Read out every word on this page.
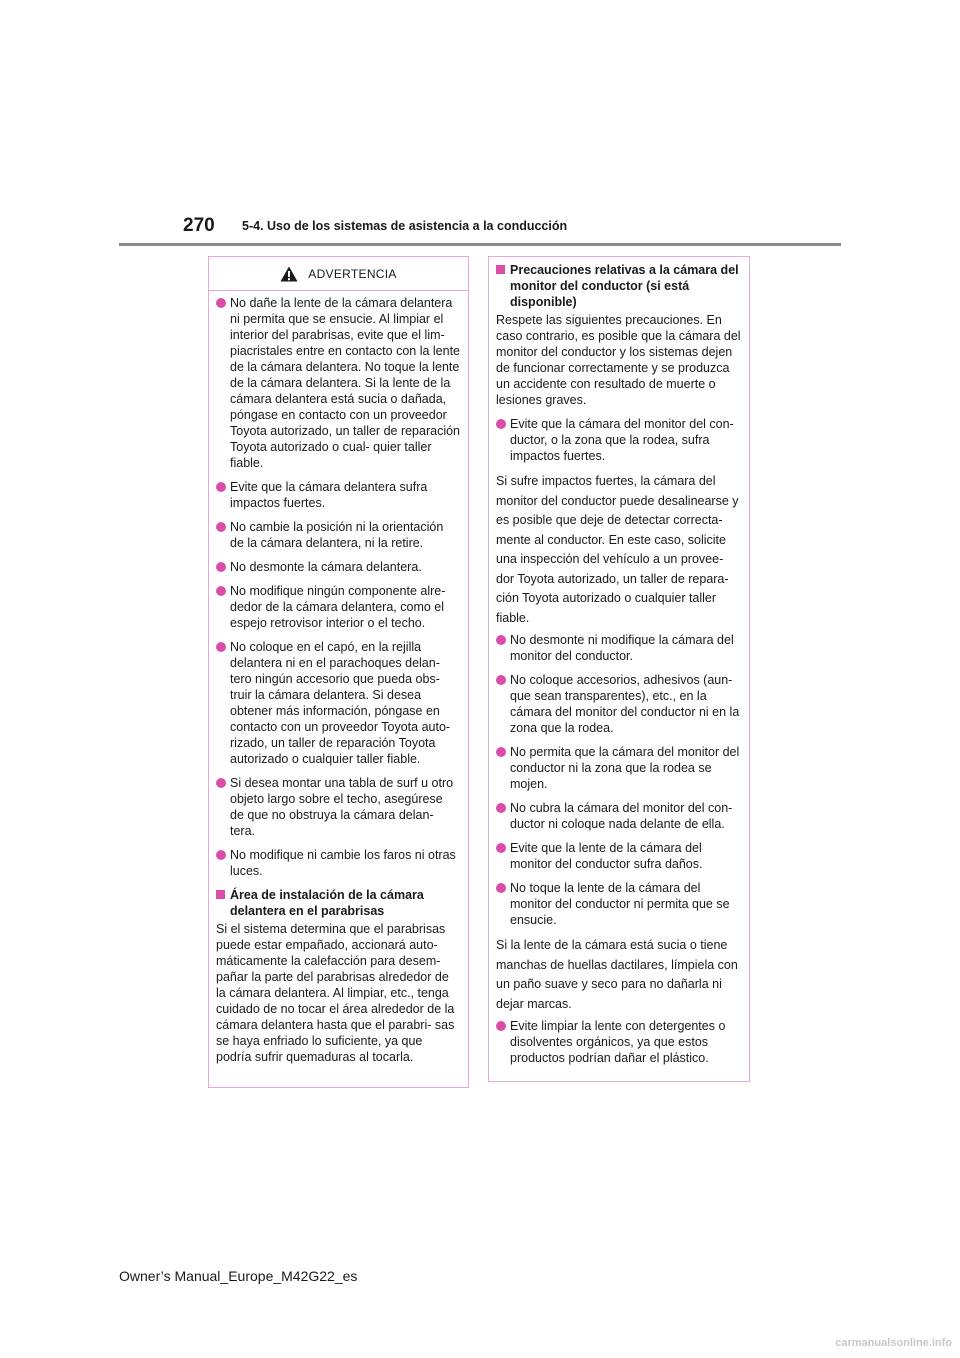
270 5-4. Uso de los sistemas de asistencia a la conducción
ADVERTENCIA
No dañe la lente de la cámara delantera ni permita que se ensucie. Al limpiar el interior del parabrisas, evite que el lim- piacristales entre en contacto con la lente de la cámara delantera. No toque la lente de la cámara delantera. Si la lente de la cámara delantera está sucia o dañada, póngase en contacto con un proveedor Toyota autorizado, un taller de reparación Toyota autorizado o cual- quier taller fiable.
Evite que la cámara delantera sufra impactos fuertes.
No cambie la posición ni la orientación de la cámara delantera, ni la retire.
No desmonte la cámara delantera.
No modifique ningún componente alre- dedor de la cámara delantera, como el espejo retrovisor interior o el techo.
No coloque en el capó, en la rejilla delantera ni en el parachoques delan- tero ningún accesorio que pueda obs- truir la cámara delantera. Si desea obtener más información, póngase en contacto con un proveedor Toyota auto- rizado, un taller de reparación Toyota autorizado o cualquier taller fiable.
Si desea montar una tabla de surf u otro objeto largo sobre el techo, asegúrese de que no obstruya la cámara delan- tera.
No modifique ni cambie los faros ni otras luces.
Área de instalación de la cámara delantera en el parabrisas
Si el sistema determina que el parabrisas puede estar empañado, accionará auto- máticamente la calefacción para desem- pañar la parte del parabrisas alrededor de la cámara delantera. Al limpiar, etc., tenga cuidado de no tocar el área alrededor de la cámara delantera hasta que el parabri- sas se haya enfriado lo suficiente, ya que podría sufrir quemaduras al tocarla.
Precauciones relativas a la cámara del monitor del conductor (si está disponible)
Respete las siguientes precauciones. En caso contrario, es posible que la cámara del monitor del conductor y los sistemas dejen de funcionar correctamente y se produzca un accidente con resultado de muerte o lesiones graves.
Evite que la cámara del monitor del con- ductor, o la zona que la rodea, sufra impactos fuertes.
Si sufre impactos fuertes, la cámara del monitor del conductor puede desalinearse y es posible que deje de detectar correcta- mente al conductor. En este caso, solicite una inspección del vehículo a un provee- dor Toyota autorizado, un taller de repara- ción Toyota autorizado o cualquier taller fiable.
No desmonte ni modifique la cámara del monitor del conductor.
No coloque accesorios, adhesivos (aun- que sean transparentes), etc., en la cámara del monitor del conductor ni en la zona que la rodea.
No permita que la cámara del monitor del conductor ni la zona que la rodea se mojen.
No cubra la cámara del monitor del con- ductor ni coloque nada delante de ella.
Evite que la lente de la cámara del monitor del conductor sufra daños.
No toque la lente de la cámara del monitor del conductor ni permita que se ensucie.
Si la lente de la cámara está sucia o tiene manchas de huellas dactilares, límpiela con un paño suave y seco para no dañarla ni dejar marcas.
Evite limpiar la lente con detergentes o disolventes orgánicos, ya que estos productos podrían dañar el plástico.
Owner’s Manual_Europe_M42G22_es
carmanualsonline.info
